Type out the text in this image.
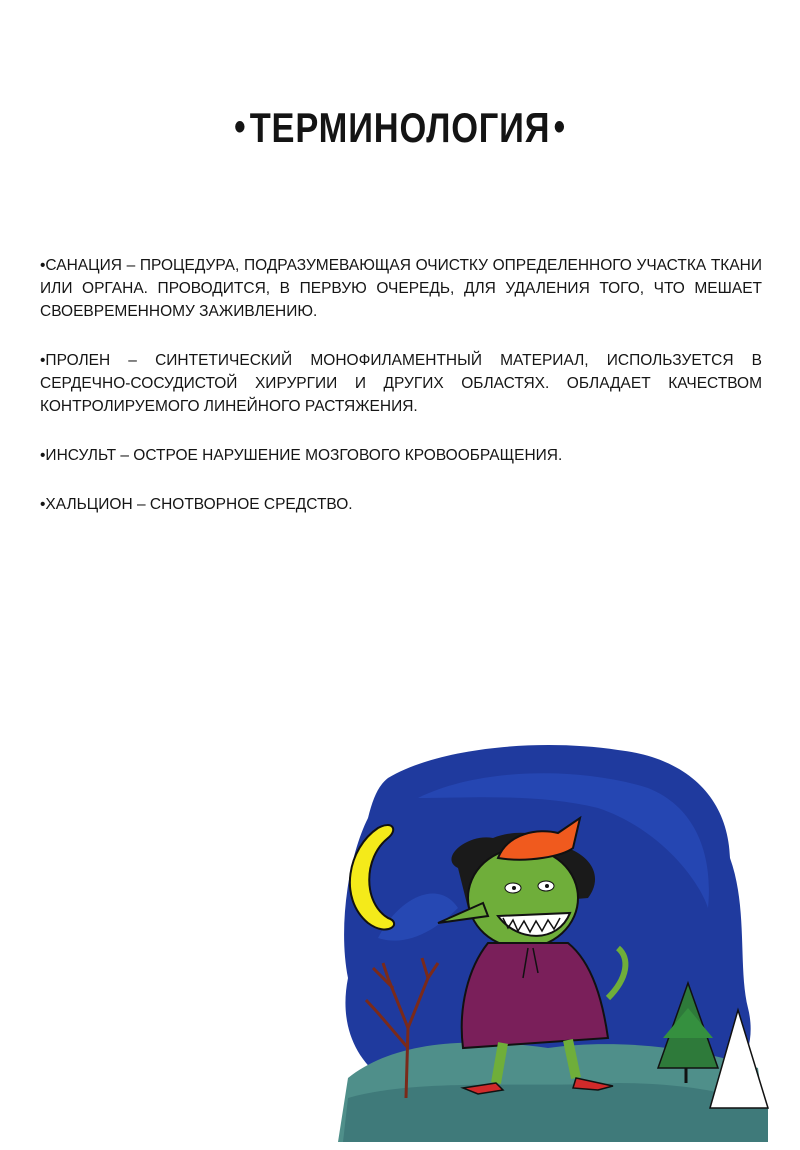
•ТЕРМИНОЛОГИЯ•

•САНАЦИЯ – ПРОЦЕДУРА, ПОДРАЗУМЕВАЮЩАЯ ОЧИСТКУ ОПРЕДЕЛЕННОГО УЧАСТКА ТКАНИ ИЛИ ОРГАНА. ПРОВОДИТСЯ, В ПЕРВУЮ ОЧЕРЕДЬ, ДЛЯ УДАЛЕНИЯ ТОГО, ЧТО МЕШАЕТ СВОЕВРЕМЕННОМУ ЗАЖИВЛЕНИЮ.

•ПРОЛЕН – СИНТЕТИЧЕСКИЙ МОНОФИЛАМЕНТНЫЙ МАТЕРИАЛ, ИСПОЛЬЗУЕТСЯ В СЕРДЕЧНО-СОСУДИСТОЙ ХИРУРГИИ И ДРУГИХ ОБЛАСТЯХ. ОБЛАДАЕТ КАЧЕСТВОМ КОНТРОЛИРУЕМОГО ЛИНЕЙНОГО РАСТЯЖЕНИЯ.

•ИНСУЛЬТ – ОСТРОЕ НАРУШЕНИЕ МОЗГОВОГО КРОВООБРАЩЕНИЯ.

•ХАЛЬЦИОН – СНОТВОРНОЕ СРЕДСТВО.
